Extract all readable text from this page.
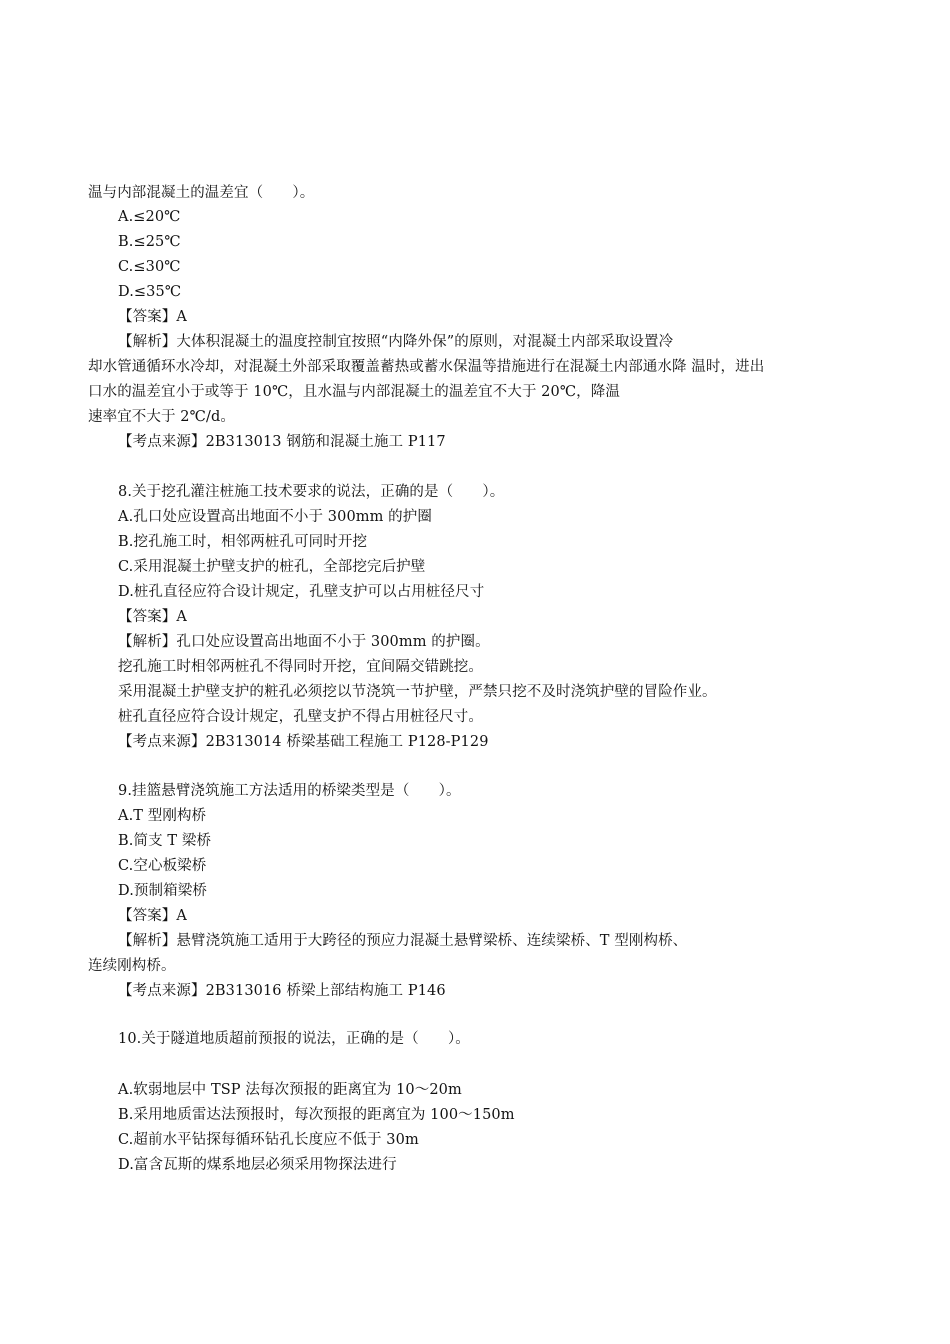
温与内部混凝土的温差宜（　　）。
A.≤20℃
B.≤25℃
C.≤30℃
D.≤35℃
【答案】A
【解析】大体积混凝土的温度控制宜按照“内降外保”的原则，对混凝土内部采取设置冷
却水管通循环水冷却，对混凝土外部采取覆盖蓄热或蓄水保温等措施进行在混凝土内部通水降 温时，进出
口水的温差宜小于或等于 10℃，且水温与内部混凝土的温差宜不大于 20℃，降温
速率宜不大于 2℃/d。
【考点来源】2B313013 钢筋和混凝土施工 P117
8.关于挖孔灌注桩施工技术要求的说法，正确的是（　　）。
A.孔口处应设置高出地面不小于 300mm 的护圈
B.挖孔施工时，相邻两桩孔可同时开挖
C.采用混凝土护壁支护的桩孔，全部挖完后护壁
D.桩孔直径应符合设计规定，孔壁支护可以占用桩径尺寸
【答案】A
【解析】孔口处应设置高出地面不小于 300mm 的护圈。
挖孔施工时相邻两桩孔不得同时开挖，宜间隔交错跳挖。
采用混凝土护壁支护的粧孔必须挖以节浇筑一节护壁，严禁只挖不及时浇筑护壁的冒险作业。
桩孔直径应符合设计规定，孔壁支护不得占用桩径尺寸。
【考点来源】2B313014 桥梁基础工程施工 P128-P129
9.挂篮悬臂浇筑施工方法适用的桥梁类型是（　　）。
A.T 型刚构桥
B.简支 T 梁桥
C.空心板梁桥
D.预制箱梁桥
【答案】A
【解析】悬臂浇筑施工适用于大跨径的预应力混凝土悬臂梁桥、连续梁桥、T 型刚构桥、
连续刚构桥。
【考点来源】2B313016 桥梁上部结构施工 P146
10.关于隧道地质超前预报的说法，正确的是（　　）。
A.软弱地层中 TSP 法每次预报的距离宜为 10～20m
B.采用地质雷达法预报时，每次预报的距离宜为 100～150m
C.超前水平钻探每循环钻孔长度应不低于 30m
D.富含瓦斯的煤系地层必须采用物探法进行
